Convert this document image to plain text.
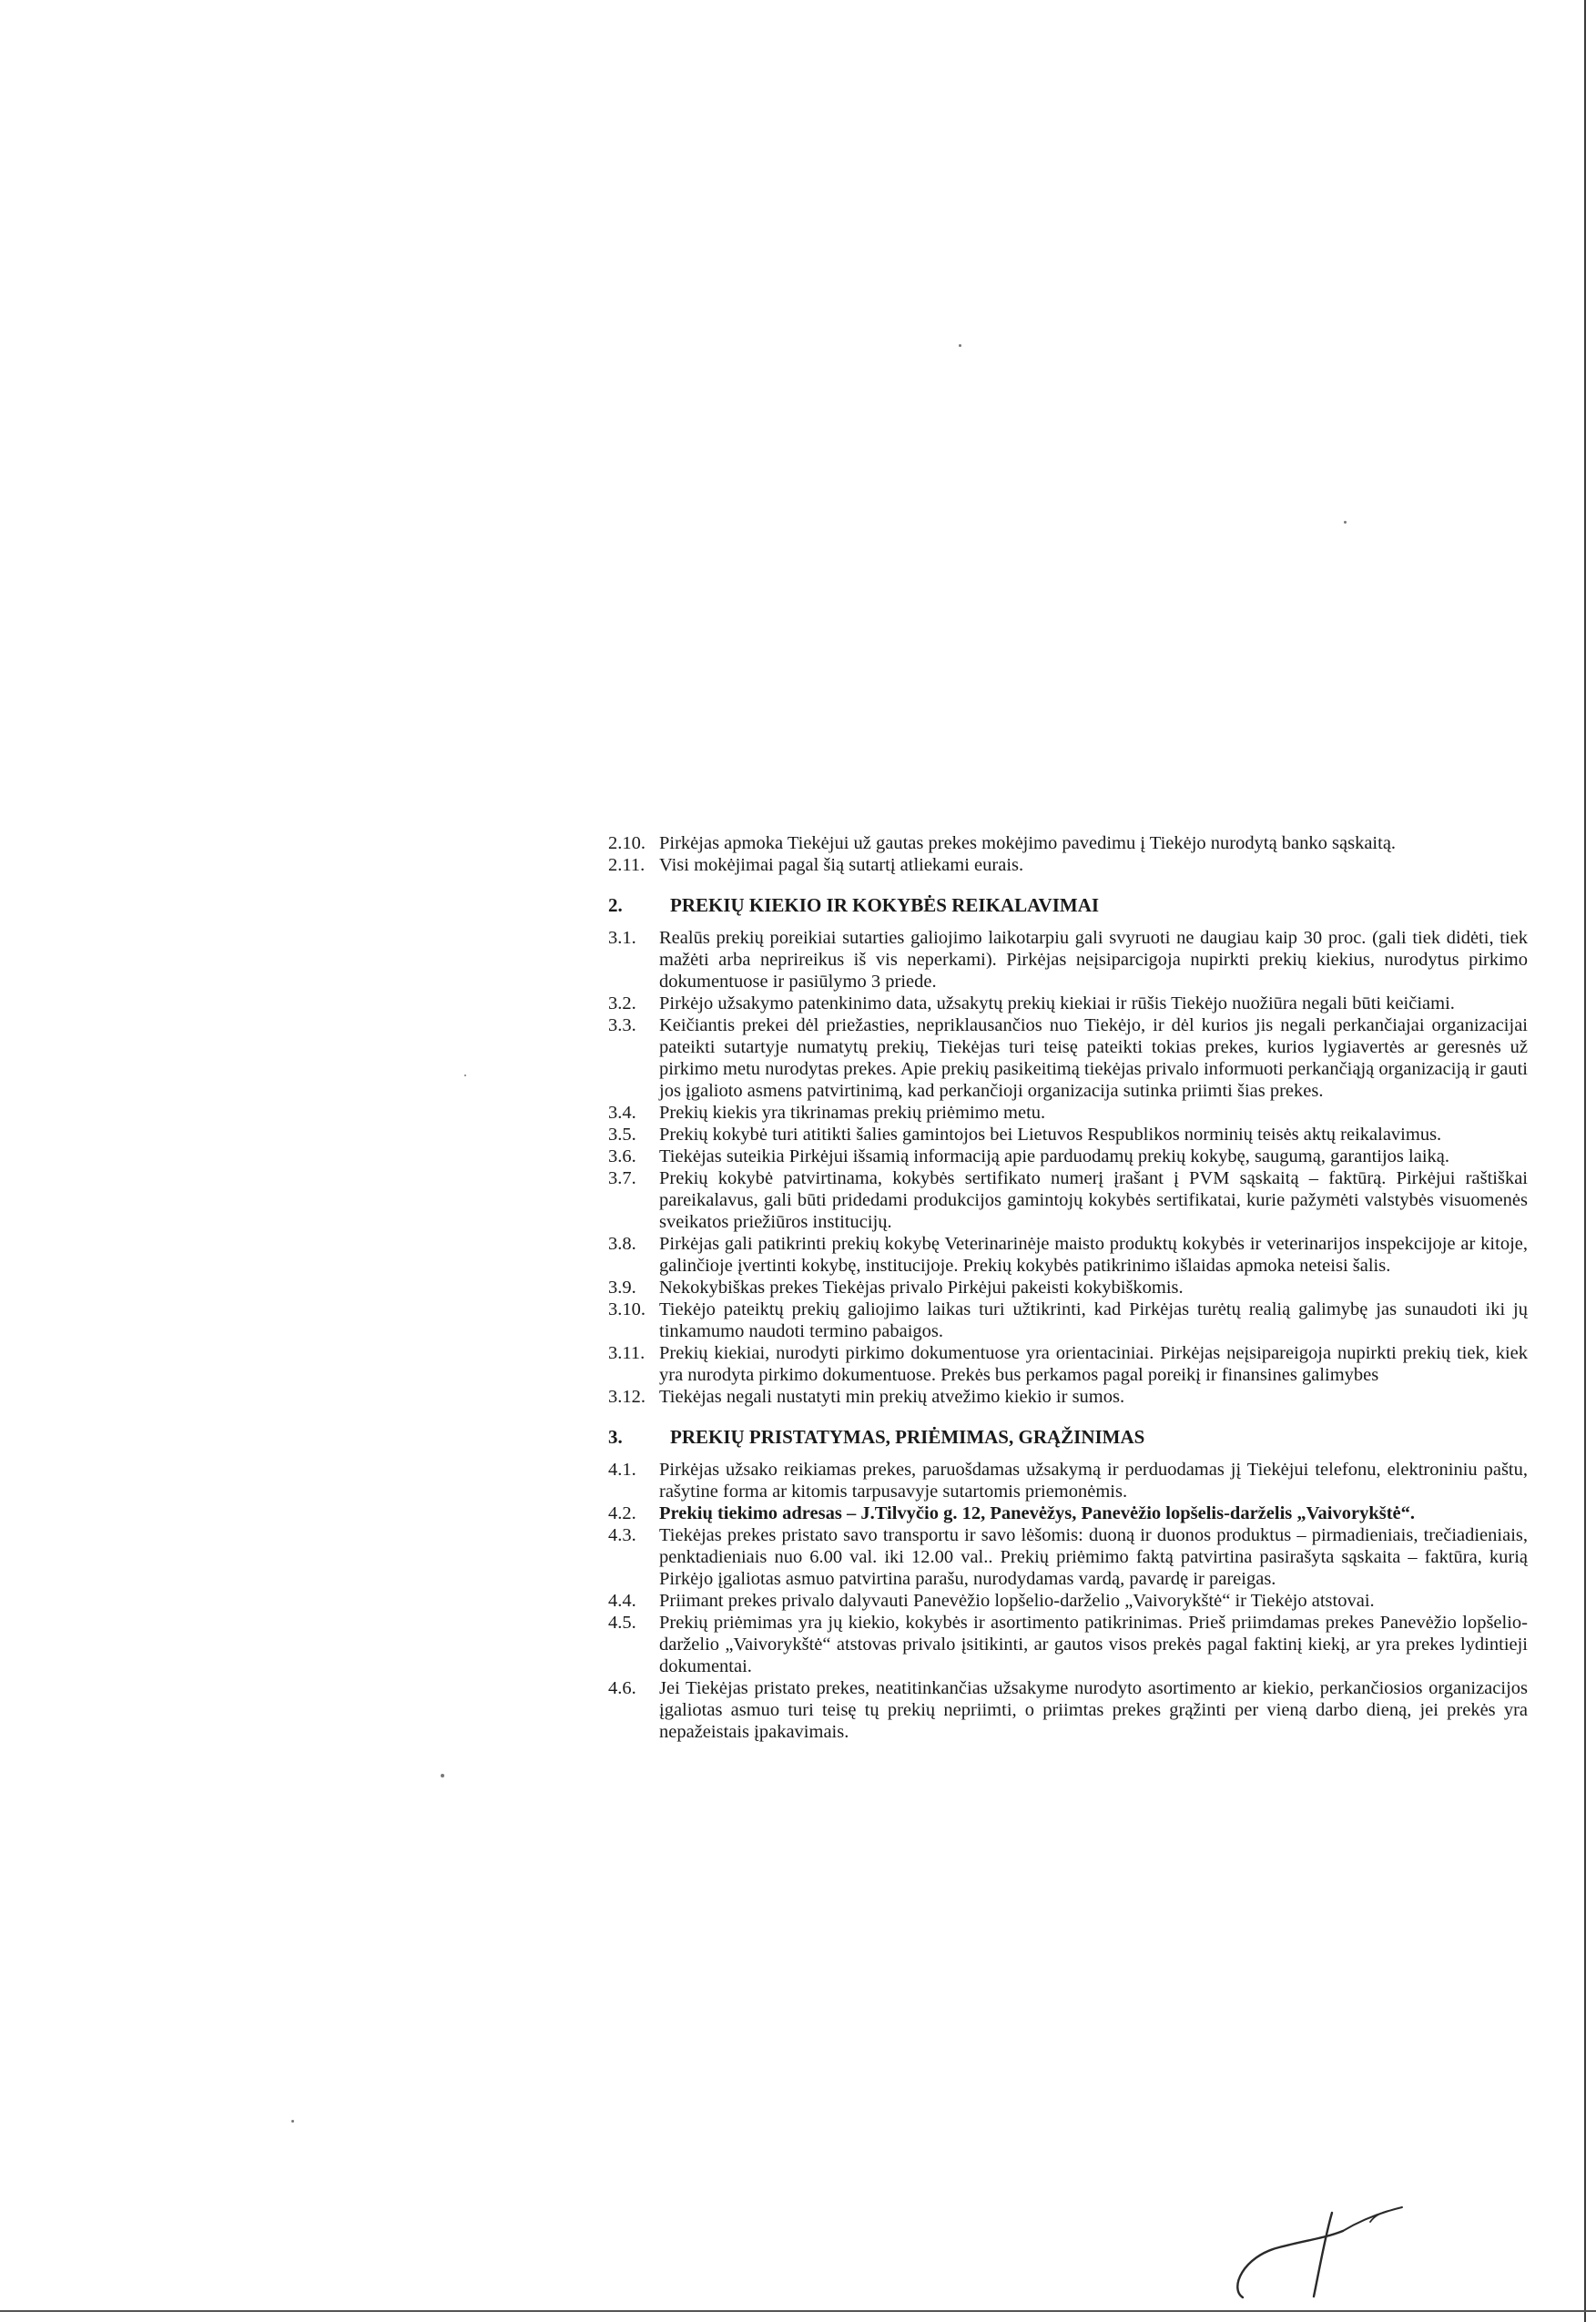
2.10. Pirkėjas apmoka Tiekėjui už gautas prekes mokėjimo pavedimu į Tiekėjo nurodytą banko sąskaitą.
2.11. Visi mokėjimai pagal šią sutartį atliekami eurais.
2.	PREKIŲ KIEKIO IR KOKYBĖS REIKALAVIMAI
3.1.	Realūs prekių poreikiai sutarties galiojimo laikotarpiu gali svyruoti ne daugiau kaip 30 proc. (gali tiek didėti, tiek mažėti arba neprireikus iš vis neperkami). Pirkėjas neįsiparcigoja nupirkti prekių kiekius, nurodytus pirkimo dokumentuose ir pasiūlymo 3 priede.
3.2.	Pirkėjo užsakymo patenkinimo data, užsakytų prekių kiekiai ir rūšis Tiekėjo nuožiūra negali būti keičiami.
3.3.	Keičiantis prekei dėl priežasties, nepriklausančios nuo Tiekėjo, ir dėl kurios jis negali perkančiajai organizacijai pateikti sutartyje numatytų prekių, Tiekėjas turi teisę pateikti tokias prekes, kurios lygiavertės ar geresnės už pirkimo metu nurodytas prekes. Apie prekių pasikeitimą tiekėjas privalo informuoti perkančiąją organizaciją ir gauti jos įgalioto asmens patvirtinimą, kad perkančioji organizacija sutinka priimti šias prekes.
3.4.	Prekių kiekis yra tikrinamas prekių priėmimo metu.
3.5.	Prekių kokybė turi atitikti šalies gamintojos bei Lietuvos Respublikos norminių teisės aktų reikalavimus.
3.6.	Tiekėjas suteikia Pirkėjui išsamią informaciją apie parduodamų prekių kokybę, saugumą, garantijos laiką.
3.7.	Prekių kokybė patvirtinama, kokybės sertifikato numerį įrašant į PVM sąskaitą – faktūrą. Pirkėjui raštiškai pareikalavus, gali būti pridedami produkcijos gamintojų kokybės sertifikatai, kurie pažymėti valstybės visuomenės sveikatos priežiūros institucijų.
3.8.	Pirkėjas gali patikrinti prekių kokybę Veterinarinėje maisto produktų kokybės ir veterinarijos inspekcijoje ar kitoje, galinčioje įvertinti kokybę, institucijoje. Prekių kokybės patikrinimo išlaidas apmoka neteisi šalis.
3.9.	Nekokybiškas prekes Tiekėjas privalo Pirkėjui pakeisti kokybiškomis.
3.10. Tiekėjo pateiktų prekių galiojimo laikas turi užtikrinti, kad Pirkėjas turėtų realią galimybę jas sunaudoti iki jų tinkamumo naudoti termino pabaigos.
3.11. Prekių kiekiai, nurodyti pirkimo dokumentuose yra orientaciniai. Pirkėjas neįsipareigoja nupirkti prekių tiek, kiek yra nurodyta pirkimo dokumentuose. Prekės bus perkamos pagal poreikį ir finansines galimybes
3.12. Tiekėjas negali nustatyti min prekių atvežimo kiekio ir sumos.
3.	PREKIŲ PRISTATYMAS, PRIĖMIMAS, GRĄŽINIMAS
4.1.	Pirkėjas užsako reikiamas prekes, paruošdamas užsakymą ir perduodamas jį Tiekėjui telefonu, elektroniniu paštu, rašytine forma ar kitomis tarpusavyje sutartomis priemonėmis.
4.2.	Prekių tiekimo adresas – J.Tilvyčio g. 12, Panevėžys, Panevėžio lopšelis-darželis „Vaivorykštė“.
4.3.	Tiekėjas prekes pristato savo transportu ir savo lėšomis: duoną ir duonos produktus – pirmadieniais, trečiadieniais, penktadieniais nuo 6.00 val. iki 12.00 val.. Prekių priėmimo faktą patvirtina pasirašyta sąskaita – faktūra, kurią Pirkėjo įgaliotas asmuo patvirtina parašu, nurodydamas vardą, pavardę ir pareigas.
4.4.	Priimant prekes privalo dalyvauti Panevėžio lopšelio-darželio „Vaivorykštė“ ir Tiekėjo atstovai.
4.5.	Prekių priėmimas yra jų kiekio, kokybės ir asortimento patikrinimas. Prieš priimdamas prekes Panevėžio lopšelio-darželio „Vaivorykštė“ atstovas privalo įsitikinti, ar gautos visos prekės pagal faktinį kiekį, ar yra prekes lydintieji dokumentai.
4.6.	Jei Tiekėjas pristato prekes, neatitinkančias užsakyme nurodyto asortimento ar kiekio, perkančiosios organizacijos įgaliotas asmuo turi teisę tų prekių nepriimti, o priimtas prekes grąžinti per vieną darbo dieną, jei prekės yra nepažeistais įpakavimais.
